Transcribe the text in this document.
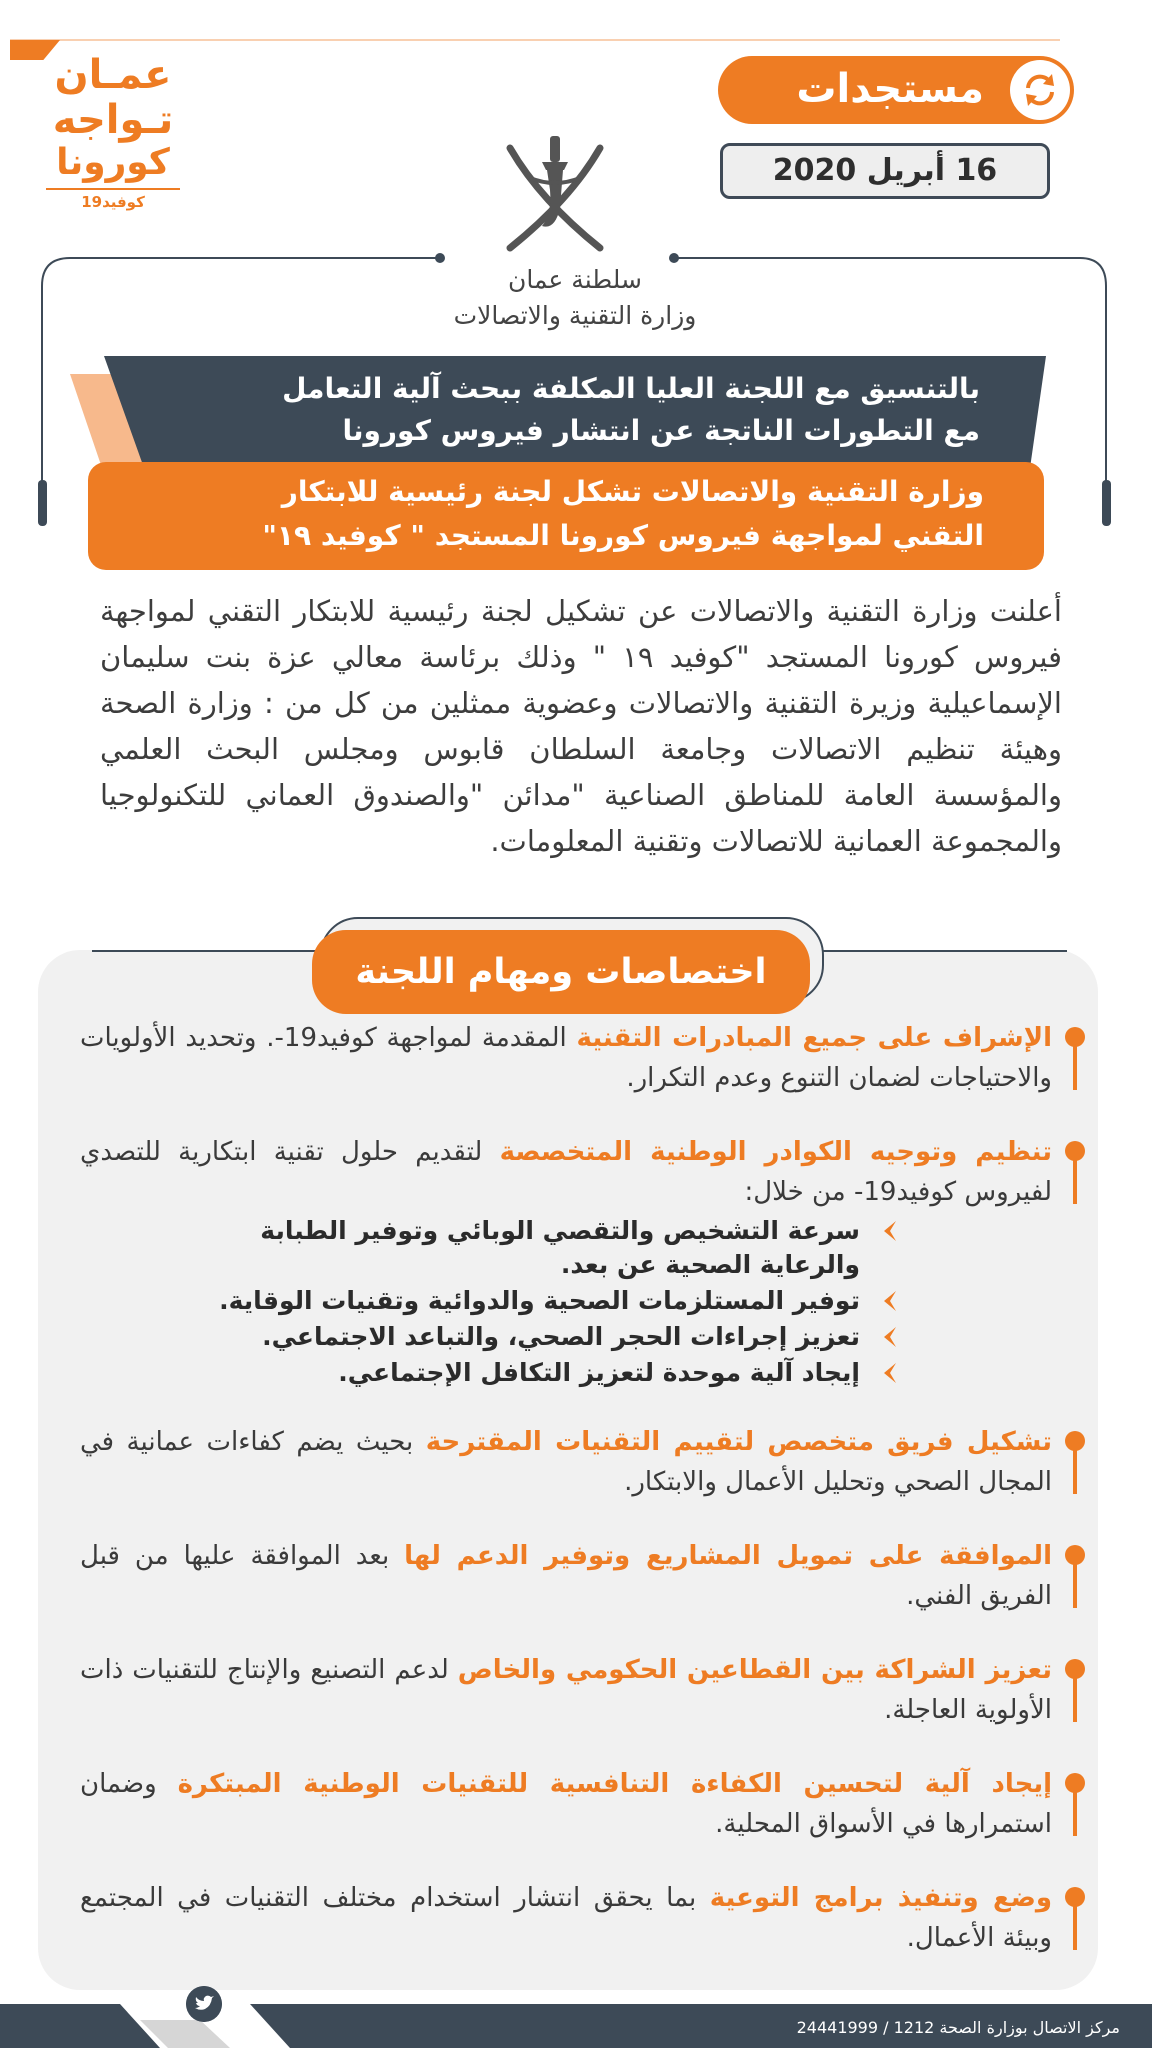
عمـان
تـواجه
كورونا
كوفيد19
مستجدات
16 أبريل 2020
سلطنة عمان
وزارة التقنية والاتصالات
بالتنسيق مع اللجنة العليا المكلفة ببحث آلية التعامل
مع التطورات الناتجة عن انتشار فيروس كورونا
وزارة التقنية والاتصالات تشكل لجنة رئيسية للابتكار
التقني لمواجهة فيروس كورونا المستجد " كوفيد ١٩"

أعلنت وزارة التقنية والاتصالات عن تشكيل لجنة رئيسية للابتكار التقني لمواجهة فيروس كورونا المستجد "كوفيد ١٩ " وذلك برئاسة معالي عزة بنت سليمان الإسماعيلية وزيرة التقنية والاتصالات وعضوية ممثلين من كل من : وزارة الصحة وهيئة تنظيم الاتصالات وجامعة السلطان قابوس ومجلس البحث العلمي والمؤسسة العامة للمناطق الصناعية "مدائن "والصندوق العماني للتكنولوجيا والمجموعة العمانية للاتصالات وتقنية المعلومات.

اختصاصات ومهام اللجنة
الإشراف على جميع المبادرات التقنية المقدمة لمواجهة كوفيد19-. وتحديد الأولويات والاحتياجات لضمان التنوع وعدم التكرار.
تنظيم وتوجيه الكوادر الوطنية المتخصصة لتقديم حلول تقنية ابتكارية للتصدي لفيروس كوفيد19- من خلال:
سرعة التشخيص والتقصي الوبائي وتوفير الطبابة والرعاية الصحية عن بعد.
توفير المستلزمات الصحية والدوائية وتقنيات الوقاية.
تعزيز إجراءات الحجر الصحي، والتباعد الاجتماعي.
إيجاد آلية موحدة لتعزيز التكافل الإجتماعي.
تشكيل فريق متخصص لتقييم التقنيات المقترحة بحيث يضم كفاءات عمانية في المجال الصحي وتحليل الأعمال والابتكار.
الموافقة على تمويل المشاريع وتوفير الدعم لها بعد الموافقة عليها من قبل الفريق الفني.
تعزيز الشراكة بين القطاعين الحكومي والخاص لدعم التصنيع والإنتاج للتقنيات ذات الأولوية العاجلة.
إيجاد آلية لتحسين الكفاءة التنافسية للتقنيات الوطنية المبتكرة وضمان استمرارها في الأسواق المحلية.
وضع وتنفيذ برامج التوعية بما يحقق انتشار استخدام مختلف التقنيات في المجتمع وبيئة الأعمال.
مركز الاتصال بوزارة الصحة 1212 / 24441999
